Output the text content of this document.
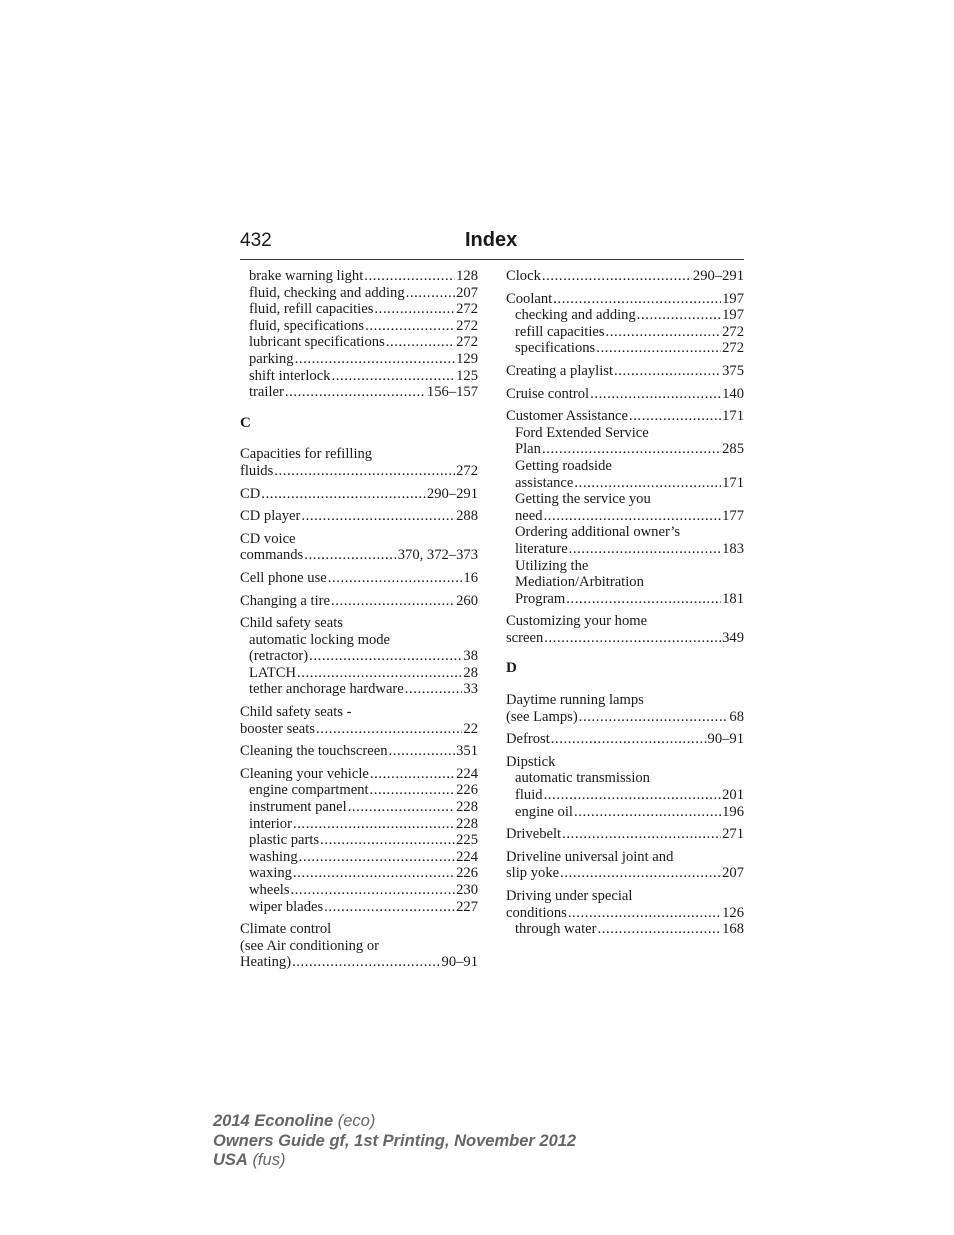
432	Index
brake warning light .....	128
fluid, checking and adding .....	207
fluid, refill capacities .....	272
fluid, specifications .....	272
lubricant specifications .....	272
parking .....	129
shift interlock .....	125
trailer .....	156–157
C
Capacities for refilling
fluids .....	272
CD .....	290–291
CD player .....	288
CD voice
commands .....	370, 372–373
Cell phone use .....	16
Changing a tire .....	260
Child safety seats
automatic locking mode
(retractor) .....	38
LATCH .....	28
tether anchorage hardware .....	33
Child safety seats -
booster seats .....	22
Cleaning the touchscreen .....	351
Cleaning your vehicle .....	224
engine compartment .....	226
instrument panel .....	228
interior .....	228
plastic parts .....	225
washing .....	224
waxing .....	226
wheels .....	230
wiper blades .....	227
Climate control
(see Air conditioning or
Heating) .....	90–91
Clock .....	290–291
Coolant .....	197
checking and adding .....	197
refill capacities .....	272
specifications .....	272
Creating a playlist .....	375
Cruise control .....	140
Customer Assistance .....	171
Ford Extended Service
Plan .....	285
Getting roadside
assistance .....	171
Getting the service you
need .....	177
Ordering additional owner’s
literature .....	183
Utilizing the
Mediation/Arbitration
Program .....	181
Customizing your home
screen .....	349
D
Daytime running lamps
(see Lamps) .....	68
Defrost .....	90–91
Dipstick
automatic transmission
fluid .....	201
engine oil .....	196
Drivebelt .....	271
Driveline universal joint and
slip yoke .....	207
Driving under special
conditions .....	126
through water .....	168
2014 Econoline (eco)
Owners Guide gf, 1st Printing, November 2012
USA (fus)
